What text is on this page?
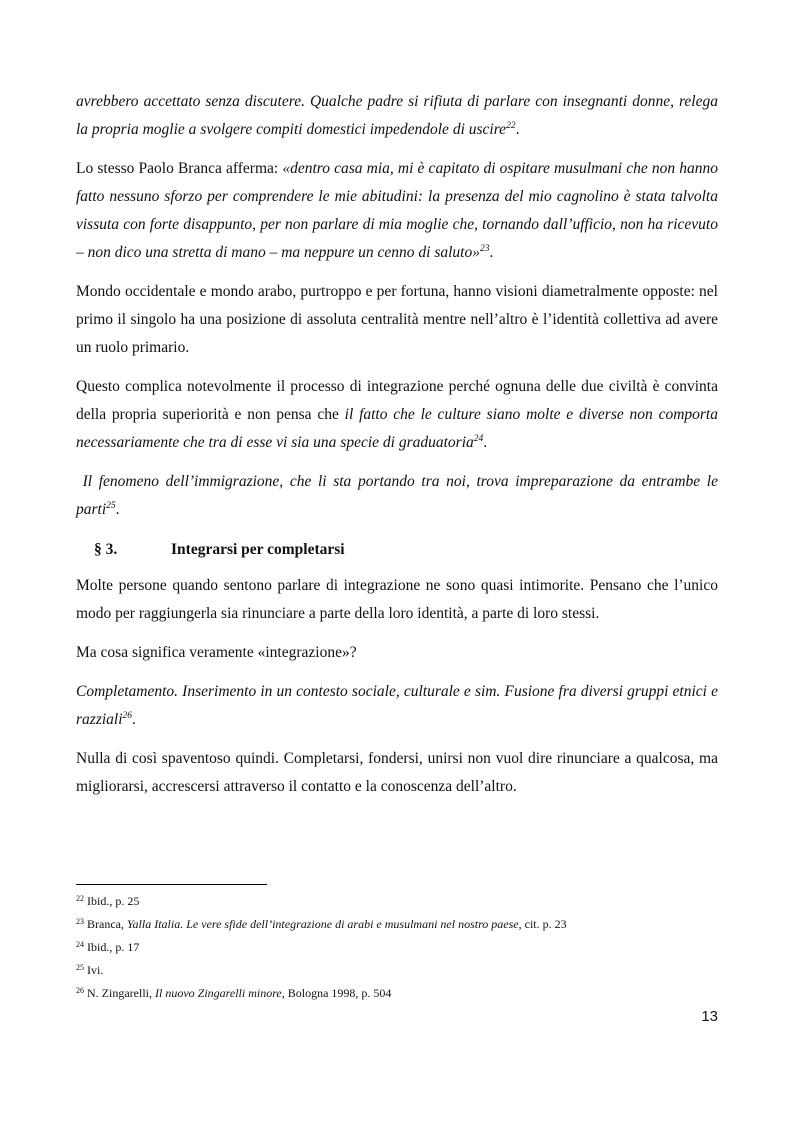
avrebbero accettato senza discutere. Qualche padre si rifiuta di parlare con insegnanti donne, relega la propria moglie a svolgere compiti domestici impedendole di uscire$^{22}$.

Lo stesso Paolo Branca afferma: «dentro casa mia, mi è capitato di ospitare musulmani che non hanno fatto nessuno sforzo per comprendere le mie abitudini: la presenza del mio cagnolino è stata talvolta vissuta con forte disappunto, per non parlare di mia moglie che, tornando dall’ufficio, non ha ricevuto – non dico una stretta di mano – ma neppure un cenno di saluto»$^{23}$.

Mondo occidentale e mondo arabo, purtroppo e per fortuna, hanno visioni diametralmente opposte: nel primo il singolo ha una posizione di assoluta centralità mentre nell’altro è l’identità collettiva ad avere un ruolo primario.

Questo complica notevolmente il processo di integrazione perché ognuna delle due civiltà è convinta della propria superiorità e non pensa che il fatto che le culture siano molte e diverse non comporta necessariamente che tra di esse vi sia una specie di graduatoria$^{24}$.

Il fenomeno dell’immigrazione, che li sta portando tra noi, trova impreparazione da entrambe le parti$^{25}$.

§ 3.	Integrarsi per completarsi

Molte persone quando sentono parlare di integrazione ne sono quasi intimorite. Pensano che l’unico modo per raggiungerla sia rinunciare a parte della loro identità, a parte di loro stessi.

Ma cosa significa veramente «integrazione»?

Completamento. Inserimento in un contesto sociale, culturale e sim. Fusione fra diversi gruppi etnici e razziali$^{26}$.

Nulla di così spaventoso quindi. Completarsi, fondersi, unirsi non vuol dire rinunciare a qualcosa, ma migliorarsi, accrescersi attraverso il contatto e la conoscenza dell’altro.

$^{22}$ Ibid., p. 25

$^{23}$ Branca, Yalla Italia. Le vere sfide dell’integrazione di arabi e musulmani nel nostro paese, cit. p. 23

$^{24}$ Ibid., p. 17

$^{25}$ Ivi.

$^{26}$ N. Zingarelli, Il nuovo Zingarelli minore, Bologna 1998, p. 504

13
